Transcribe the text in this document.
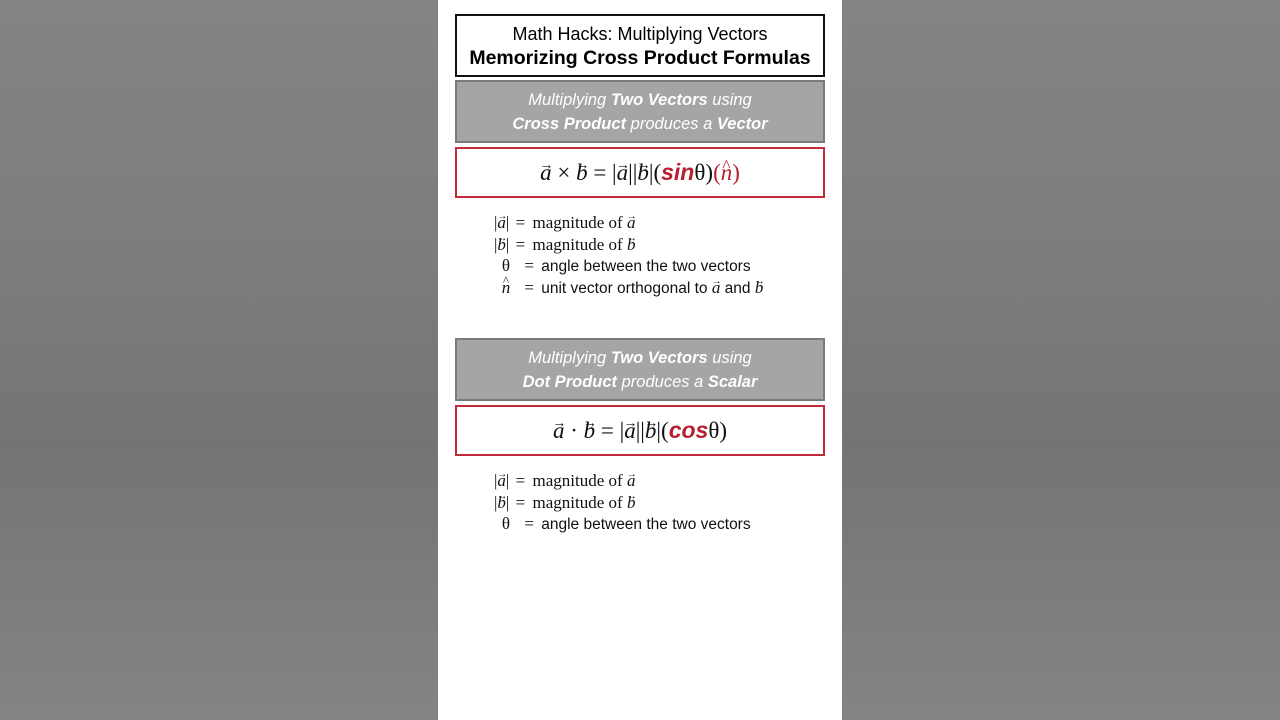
Math Hacks: Multiplying Vectors
Memorizing Cross Product Formulas
Multiplying Two Vectors using
Cross Product produces a Vector
→ a × → b = |→ a||→ b|(sinθ)(^ n)
|→ a| = magnitude of → a
|→ b| = magnitude of → b
θ = angle between the two vectors
^ n = unit vector orthogonal to → a and → b
Multiplying Two Vectors using
Dot Product produces a Scalar
→ a · → b = |→ a||→ b|(cosθ)
|→ a| = magnitude of → a
|→ b| = magnitude of → b
θ = angle between the two vectors
